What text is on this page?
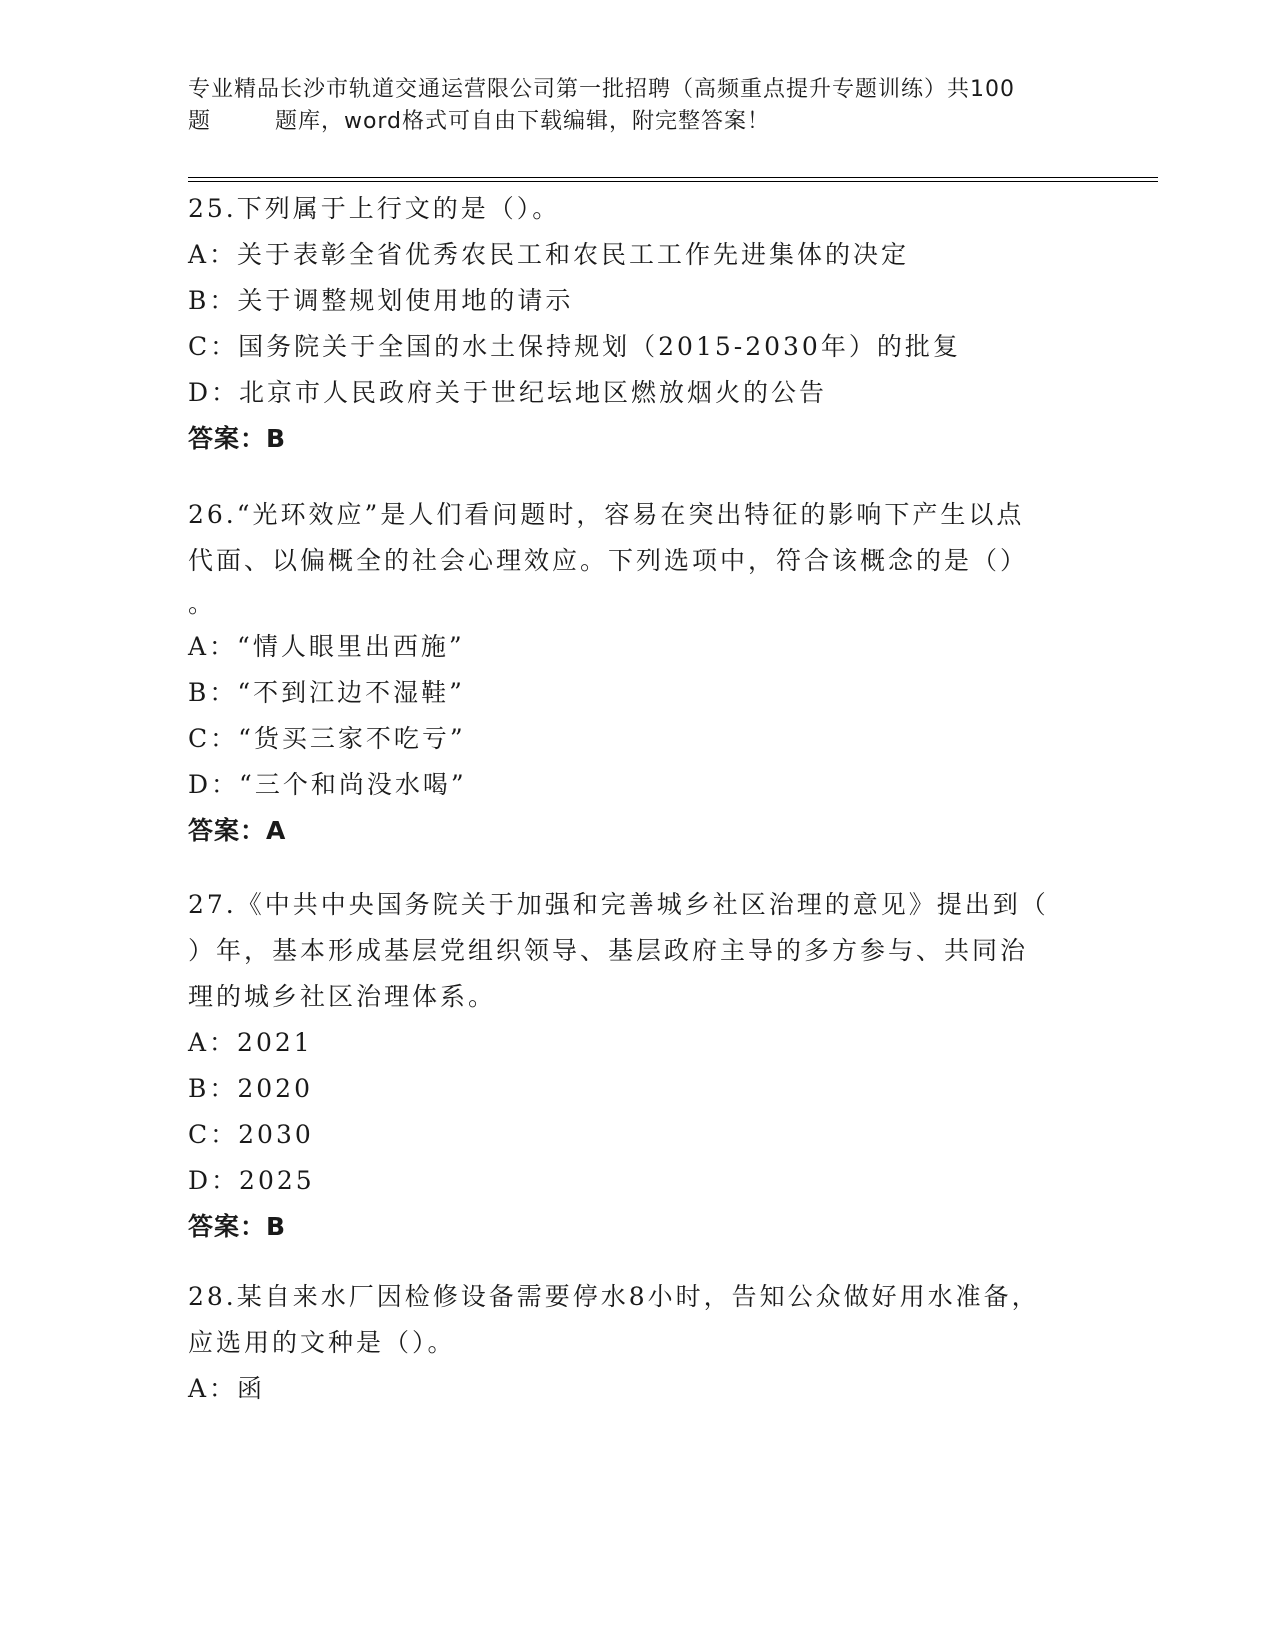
专业精品长沙市轨道交通运营限公司第一批招聘（高频重点提升专题训练）共100
题        题库，word格式可自由下载编辑，附完整答案！
25.下列属于上行文的是（）。
A：关于表彰全省优秀农民工和农民工工作先进集体的决定
B：关于调整规划使用地的请示
C：国务院关于全国的水土保持规划（2015-2030年）的批复
D：北京市人民政府关于世纪坛地区燃放烟火的公告
答案：B
26.“光环效应”是人们看问题时，容易在突出特征的影响下产生以点
代面、以偏概全的社会心理效应。下列选项中，符合该概念的是（）
。
A：“情人眼里出西施”
B：“不到江边不湿鞋”
C：“货买三家不吃亏”
D：“三个和尚没水喝”
答案：A
27.《中共中央国务院关于加强和完善城乡社区治理的意见》提出到（
）年，基本形成基层党组织领导、基层政府主导的多方参与、共同治
理的城乡社区治理体系。
A：2021
B：2020
C：2030
D：2025
答案：B
28.某自来水厂因检修设备需要停水8小时，告知公众做好用水准备，
应选用的文种是（）。
A：函
